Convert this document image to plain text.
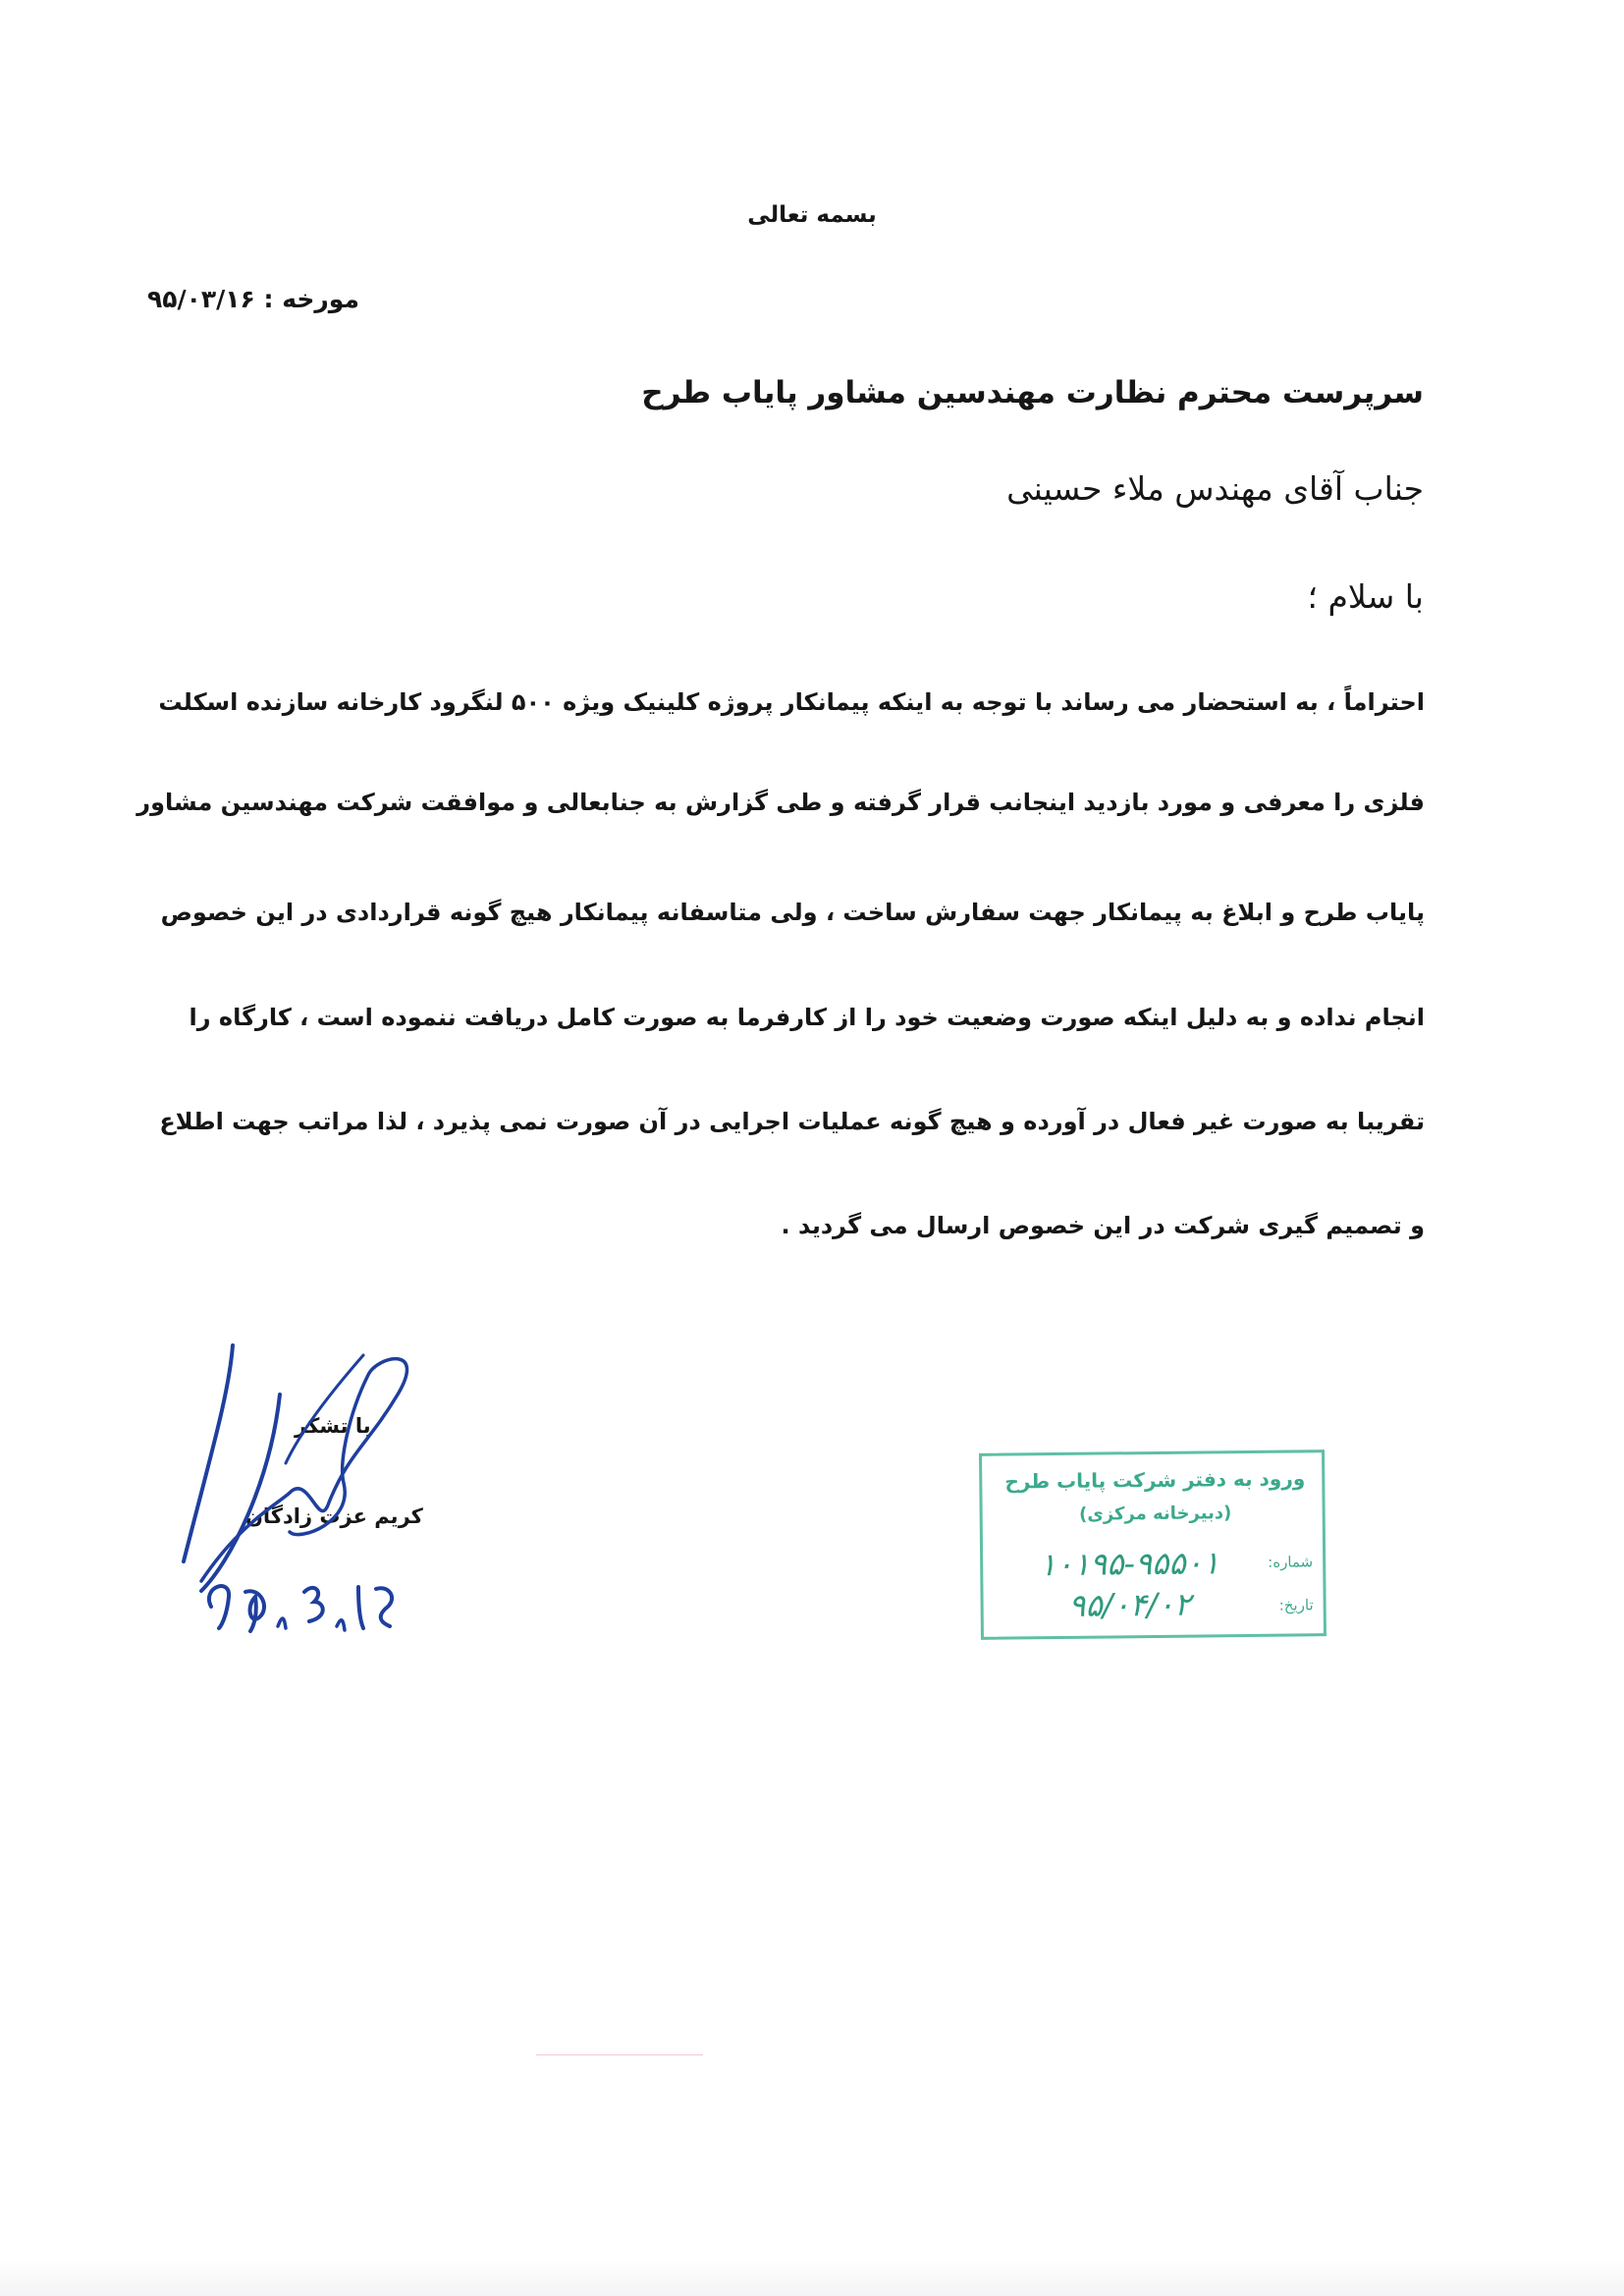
بسمه تعالی
مورخه : ۹۵/۰۳/۱۶
سرپرست محترم نظارت مهندسین مشاور پایاب طرح
جناب آقای مهندس ملاء حسینی
با سلام ؛
احتراماً ، به استحضار می رساند با توجه به اینکه پیمانکار پروژه کلینیک ویژه ۵۰۰ لنگرود کارخانه سازنده اسکلت
فلزی را معرفی و مورد بازدید اینجانب قرار گرفته و طی گزارش به جنابعالی و موافقت شرکت مهندسین مشاور
پایاب طرح و ابلاغ به پیمانکار جهت سفارش ساخت ، ولی متاسفانه پیمانکار هیچ گونه قراردادی در این خصوص
انجام نداده و به دلیل اینکه صورت وضعیت خود را از کارفرما به صورت کامل دریافت ننموده است ، کارگاه را
تقریبا به صورت غیر فعال در آورده و هیچ گونه عملیات اجرایی در آن صورت نمی پذیرد ، لذا مراتب جهت اطلاع
و تصمیم گیری شرکت در این خصوص ارسال می گردید .
با تشکر
کریم عزت زادگان
ورود به دفتر شرکت پایاب طرح
(دبیرخانه مرکزی)
شماره:
۱۰۱۹۵-۹۵۵۰۱
تاریخ:
۹۵/۰۴/۰۲
